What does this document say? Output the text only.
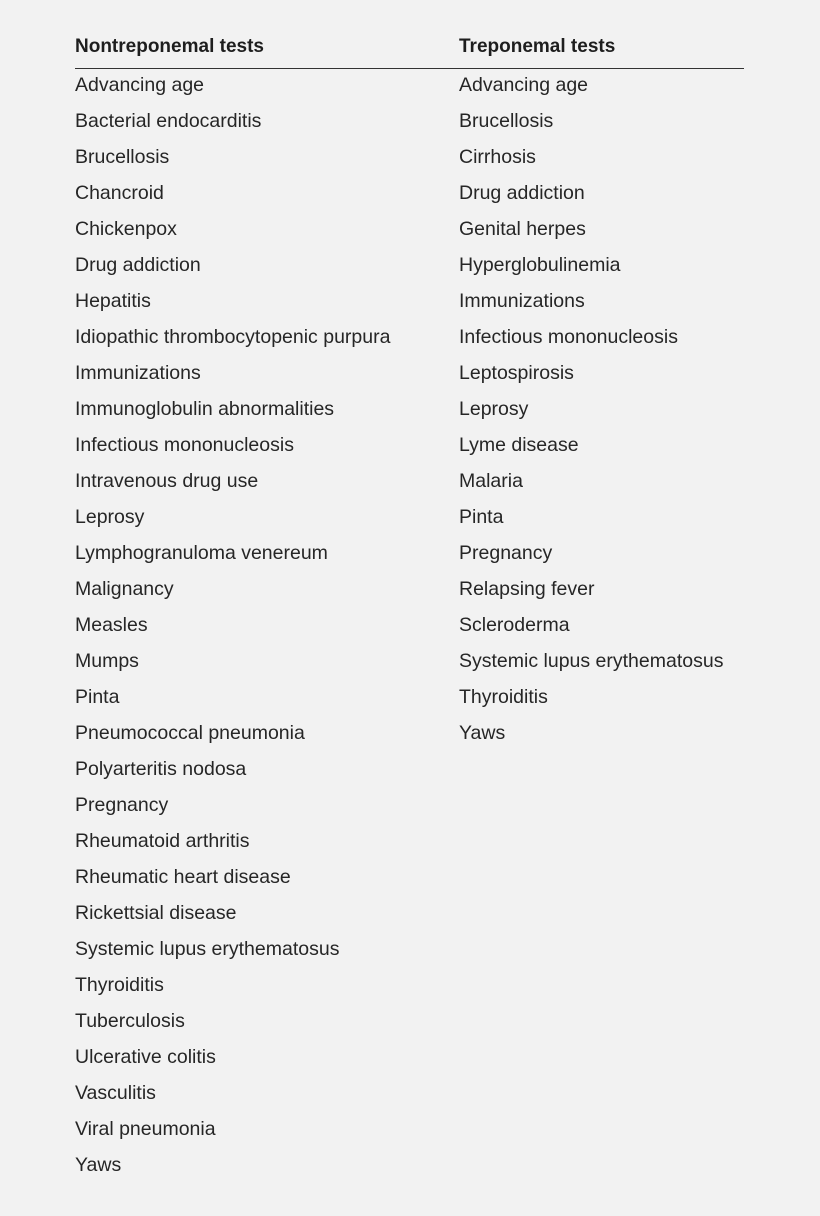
Nontreponemal tests	Treponemal tests
Advancing age
Bacterial endocarditis
Brucellosis
Chancroid
Chickenpox
Drug addiction
Hepatitis
Idiopathic thrombocytopenic purpura
Immunizations
Immunoglobulin abnormalities
Infectious mononucleosis
Intravenous drug use
Leprosy
Lymphogranuloma venereum
Malignancy
Measles
Mumps
Pinta
Pneumococcal pneumonia
Polyarteritis nodosa
Pregnancy
Rheumatoid arthritis
Rheumatic heart disease
Rickettsial disease
Systemic lupus erythematosus
Thyroiditis
Tuberculosis
Ulcerative colitis
Vasculitis
Viral pneumonia
Yaws
Advancing age
Brucellosis
Cirrhosis
Drug addiction
Genital herpes
Hyperglobulinemia
Immunizations
Infectious mononucleosis
Leptospirosis
Leprosy
Lyme disease
Malaria
Pinta
Pregnancy
Relapsing fever
Scleroderma
Systemic lupus erythematosus
Thyroiditis
Yaws
